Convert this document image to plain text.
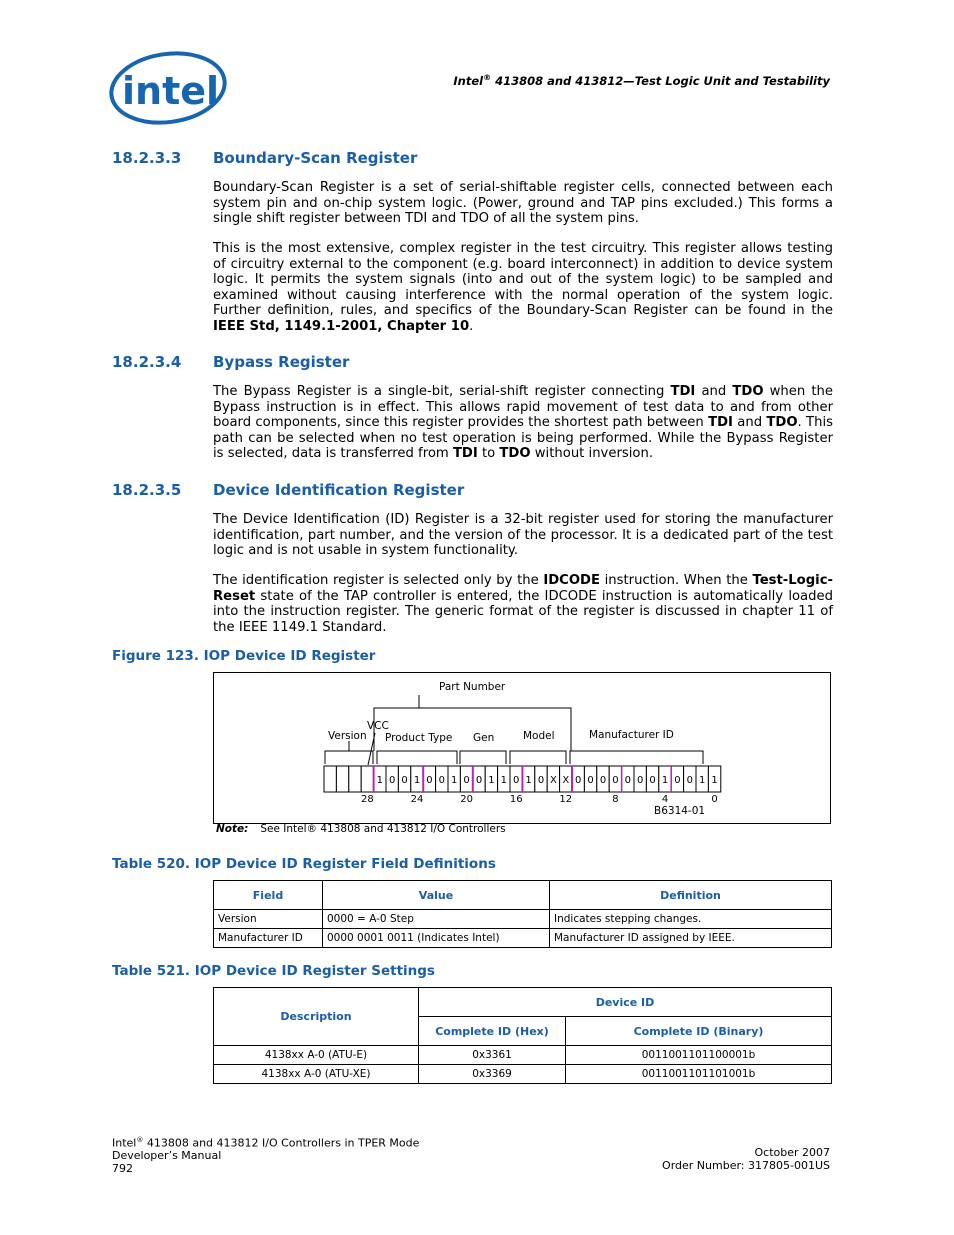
intel	Intel® 413808 and 413812—Test Logic Unit and Testability
18.2.3.3 Boundary-Scan Register
Boundary-Scan Register is a set of serial-shiftable register cells, connected between each system pin and on-chip system logic. (Power, ground and TAP pins excluded.) This forms a single shift register between TDI and TDO of all the system pins.
This is the most extensive, complex register in the test circuitry. This register allows testing of circuitry external to the component (e.g. board interconnect) in addition to device system logic. It permits the system signals (into and out of the system logic) to be sampled and examined without causing interference with the normal operation of the system logic. Further definition, rules, and specifics of the Boundary-Scan Register can be found in the IEEE Std, 1149.1-2001, Chapter 10.
18.2.3.4 Bypass Register
The Bypass Register is a single-bit, serial-shift register connecting TDI and TDO when the Bypass instruction is in effect. This allows rapid movement of test data to and from other board components, since this register provides the shortest path between TDI and TDO. This path can be selected when no test operation is being performed. While the Bypass Register is selected, data is transferred from TDI to TDO without inversion.
18.2.3.5 Device Identification Register
The Device Identification (ID) Register is a 32-bit register used for storing the manufacturer identification, part number, and the version of the processor. It is a dedicated part of the test logic and is not usable in system functionality.
The identification register is selected only by the IDCODE instruction. When the Test-Logic-Reset state of the TAP controller is entered, the IDCODE instruction is automatically loaded into the instruction register. The generic format of the register is discussed in chapter 11 of the IEEE 1149.1 Standard.
Figure 123. IOP Device ID Register
Part Number
VCC
Version Product Type Gen	Model	Manufacturer ID
B6314-01
1 0 0 1 0 0 1 0 0 1 1 0 1 0 X X 0 0 0 0 0 0 0 1 0 0 1 1
28	24	20	16	12	8	4	0
Note: See Intel® 413808 and 413812 I/O Controllers
Table 520. IOP Device ID Register Field Definitions
Field	Value	Definition
Version	0000 = A-0 Step	Indicates stepping changes.
Manufacturer ID	0000 0001 0011 (Indicates Intel)	Manufacturer ID assigned by IEEE.
Table 521. IOP Device ID Register Settings
Description	Device ID	
	Complete ID (Hex)	Complete ID (Binary)
4138xx A-0 (ATU-E)	0x3361	0011001101100001b
4138xx A-0 (ATU-XE)	0x3369	0011001101101001b
Intel® 413808 and 413812 I/O Controllers in TPER Mode
Developer’s Manual
792
October 2007
Order Number: 317805-001US
